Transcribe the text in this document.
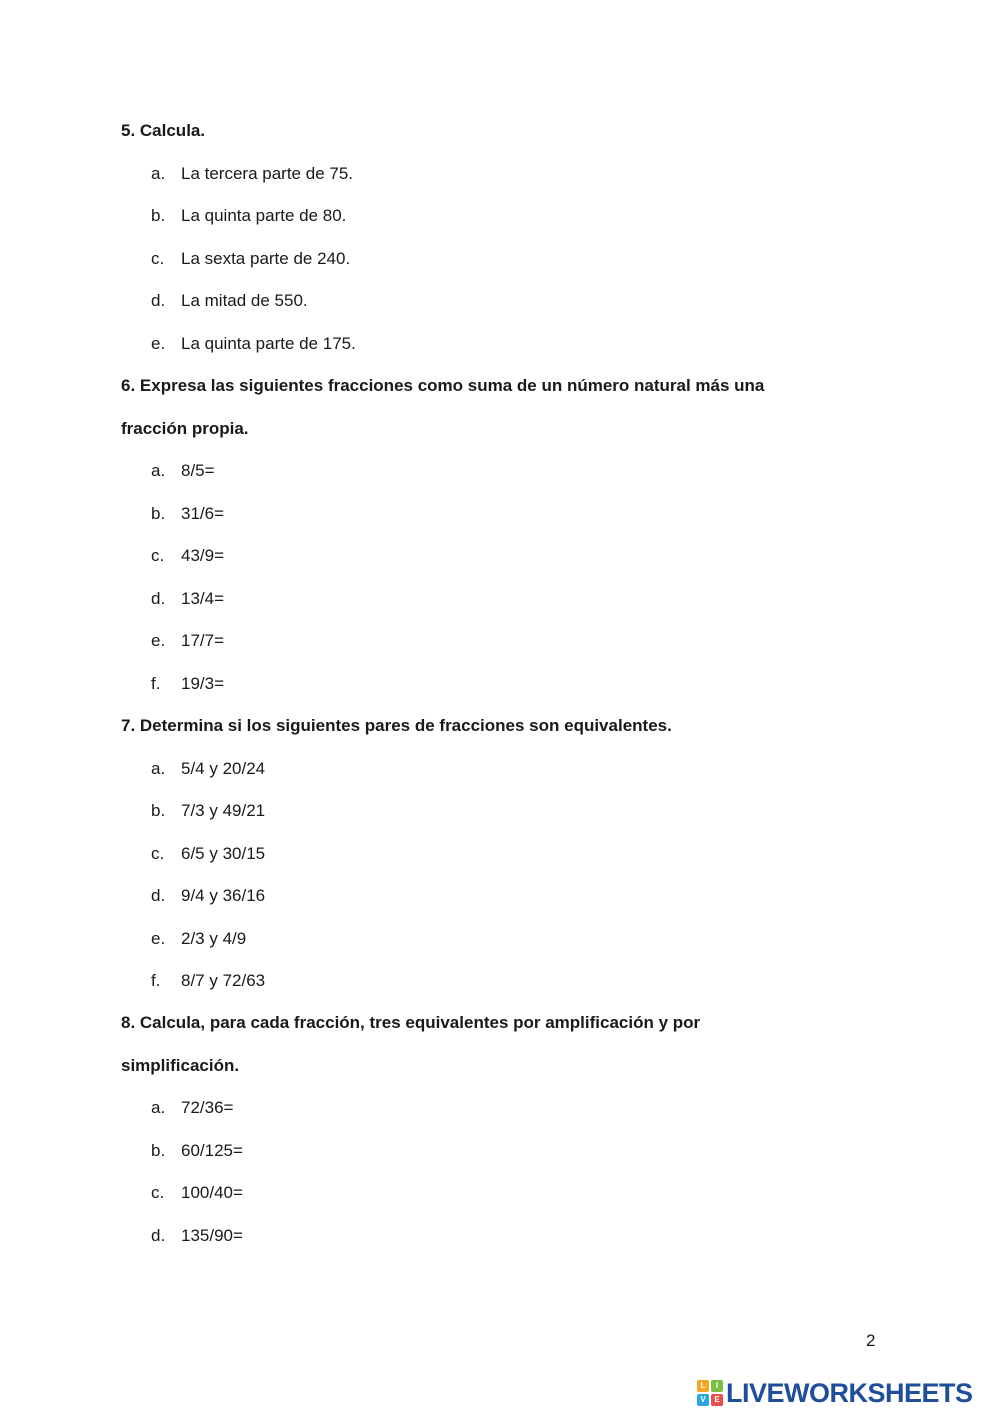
5. Calcula.
a. La tercera parte de 75.
b. La quinta parte de 80.
c. La sexta parte de 240.
d. La mitad de 550.
e. La quinta parte de 175.
6. Expresa las siguientes fracciones como suma de un número natural más una
fracción propia.
a. 8/5=
b. 31/6=
c. 43/9=
d. 13/4=
e. 17/7=
f. 19/3=
7. Determina si los siguientes pares de fracciones son equivalentes.
a. 5/4 y 20/24
b. 7/3 y 49/21
c. 6/5 y 30/15
d. 9/4 y 36/16
e. 2/3 y 4/9
f. 8/7 y 72/63
8. Calcula, para cada fracción, tres equivalentes por amplificación y por
simplificación.
a. 72/36=
b. 60/125=
c. 100/40=
d. 135/90=
2
L	I
V	E LIVEWORKSHEETS
